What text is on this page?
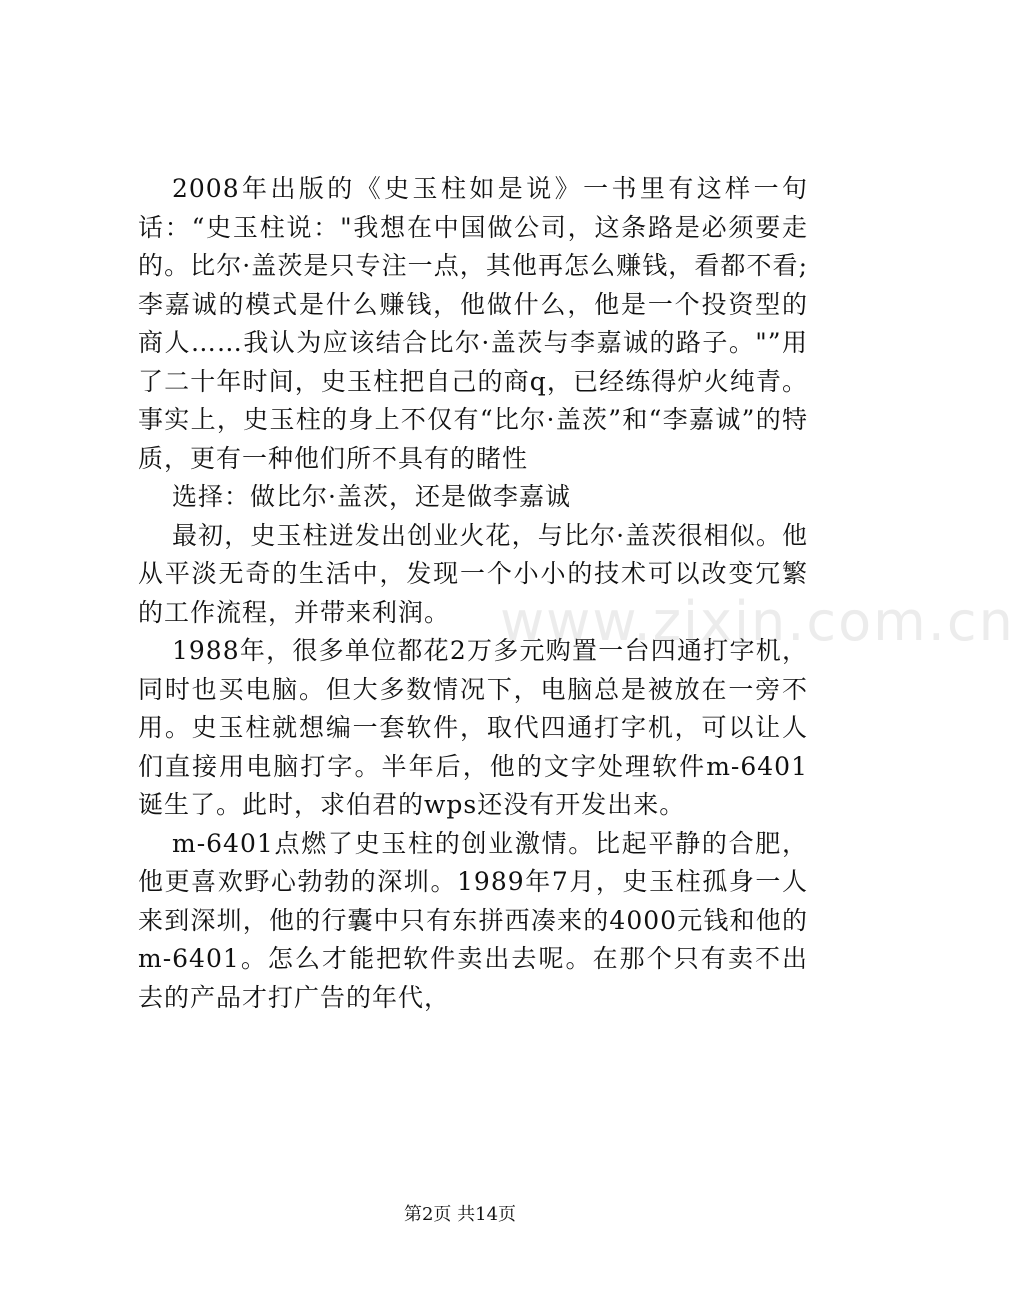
2008年出版的《史玉柱如是说》一书里有这样一句话：“史玉柱说："我想在中国做公司，这条路是必须要走的。比尔·盖茨是只专注一点，其他再怎么赚钱，看都不看;李嘉诚的模式是什么赚钱，他做什么，他是一个投资型的商人……我认为应该结合比尔·盖茨与李嘉诚的路子。"”用了二十年时间，史玉柱把自己的商q，已经练得炉火纯青。事实上，史玉柱的身上不仅有“比尔·盖茨”和“李嘉诚”的特质，更有一种他们所不具有的睹性

选择：做比尔·盖茨，还是做李嘉诚

最初，史玉柱迸发出创业火花，与比尔·盖茨很相似。他从平淡无奇的生活中，发现一个小小的技术可以改变冗繁的工作流程，并带来利润。

1988年，很多单位都花2万多元购置一台四通打字机，同时也买电脑。但大多数情况下，电脑总是被放在一旁不用。史玉柱就想编一套软件，取代四通打字机，可以让人们直接用电脑打字。半年后，他的文字处理软件m-6401诞生了。此时，求伯君的wps还没有开发出来。

m-6401点燃了史玉柱的创业激情。比起平静的合肥，他更喜欢野心勃勃的深圳。1989年7月，史玉柱孤身一人来到深圳，他的行囊中只有东拼西凑来的4000元钱和他的m-6401。怎么才能把软件卖出去呢。在那个只有卖不出去的产品才打广告的年代，

www.zixin.com.cn
第2页 共14页
